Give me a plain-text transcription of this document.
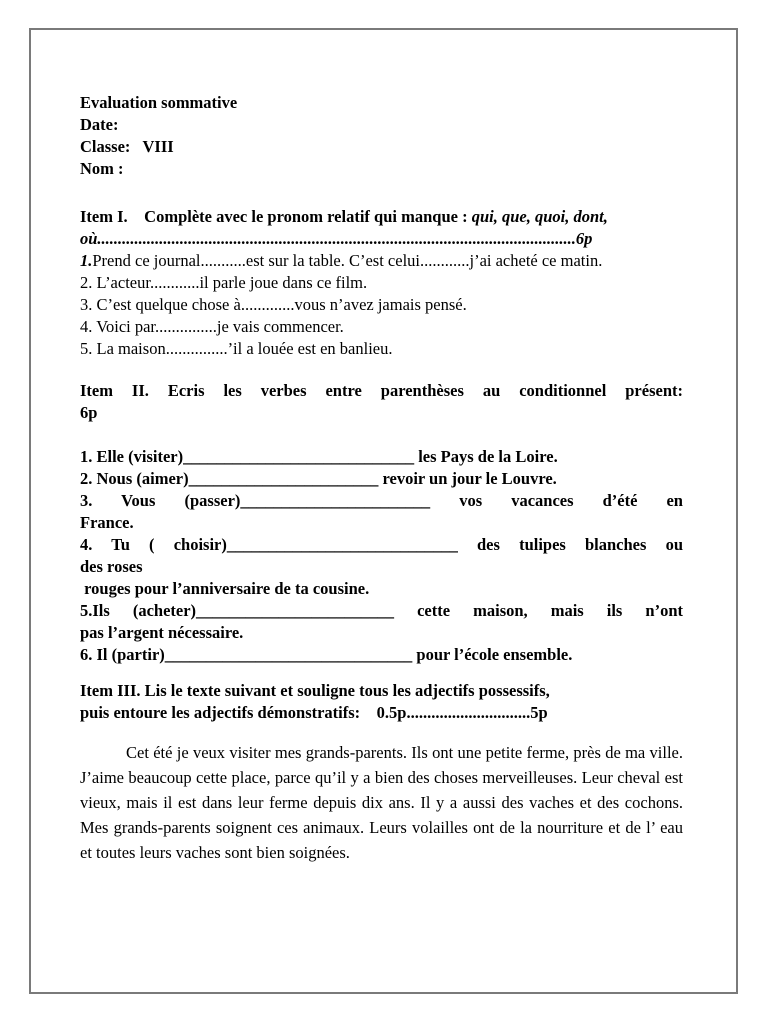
Evaluation sommative
Date:
Classe: VIII
Nom :
Item I. Complète avec le pronom relatif qui manque : qui, que, quoi, dont,
où....................................................................................................................6p
1.Prend ce journal...........est sur la table. C’est celui............j’ai acheté ce matin.
2. L’acteur............il parle joue dans ce film.
3. C’est quelque chose à.............vous n’avez jamais pensé.
4. Voici par...............je vais commencer.
5. La maison...............’il a louée est en banlieu.
Item II. Ecris les verbes entre parenthèses au conditionnel présent:
6p
1. Elle (visiter)____________________________ les Pays de la Loire.
2. Nous (aimer)_______________________ revoir un jour le Louvre.
3. Vous (passer)_______________________ vos vacances d’été en
France.
4. Tu ( choisir)____________________________ des tulipes blanches ou
des roses
rouges pour l’anniversaire de ta cousine.
5.Ils (acheter)________________________ cette maison, mais ils n’ont
pas l’argent nécessaire.
6. Il (partir)______________________________ pour l’école ensemble.
Item III. Lis le texte suivant et souligne tous les adjectifs possessifs,
puis entoure les adjectifs démonstratifs:    0.5p..............................5p
Cet été je veux visiter mes grands-parents. Ils ont une petite ferme, près de ma ville. J’aime beaucoup cette place, parce qu’il y a bien des choses merveilleuses. Leur cheval est vieux, mais il est dans leur ferme depuis dix ans. Il y a aussi des vaches et des cochons. Mes grands-parents soignent ces animaux. Leurs volailles ont de la nourriture et de l’ eau et toutes leurs vaches sont bien soignées.
